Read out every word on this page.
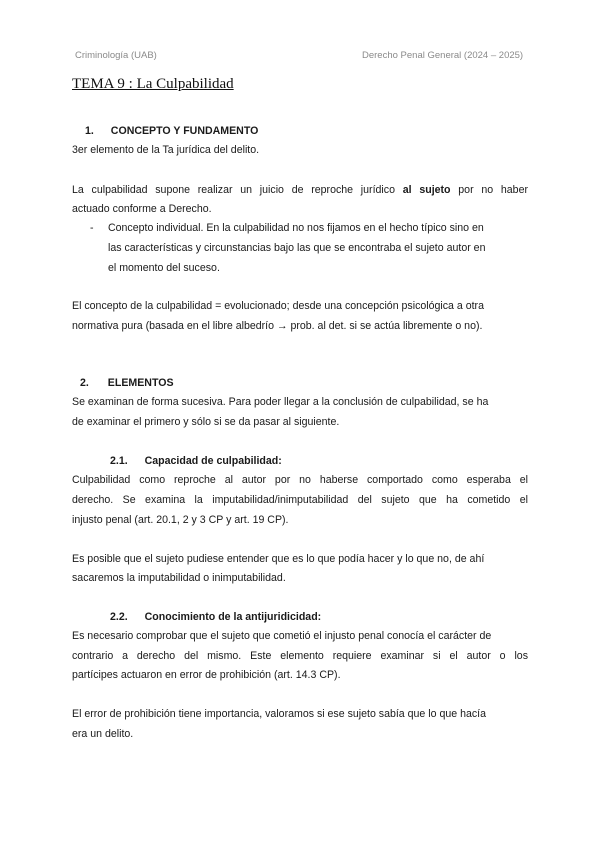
Criminología (UAB)	Derecho Penal General (2024 – 2025)
TEMA 9 : La Culpabilidad
1. CONCEPTO Y FUNDAMENTO
3er elemento de la Ta jurídica del delito.
La culpabilidad supone realizar un juicio de reproche jurídico al sujeto por no haber
actuado conforme a Derecho.
-	Concepto individual. En la culpabilidad no nos fijamos en el hecho típico sino en
las características y circunstancias bajo las que se encontraba el sujeto autor en
el momento del suceso.
El concepto de la culpabilidad = evolucionado; desde una concepción psicológica a otra
normativa pura (basada en el libre albedrío → prob. al det. si se actúa libremente o no).
2. ELEMENTOS
Se examinan de forma sucesiva. Para poder llegar a la conclusión de culpabilidad, se ha
de examinar el primero y sólo si se da pasar al siguiente.
2.1. Capacidad de culpabilidad:
Culpabilidad como reproche al autor por no haberse comportado como esperaba el
derecho. Se examina la imputabilidad/inimputabilidad del sujeto que ha cometido el
injusto penal (art. 20.1, 2 y 3 CP y art. 19 CP).
Es posible que el sujeto pudiese entender que es lo que podía hacer y lo que no, de ahí
sacaremos la imputabilidad o inimputabilidad.
2.2. Conocimiento de la antijuridicidad:
Es necesario comprobar que el sujeto que cometió el injusto penal conocía el carácter de
contrario a derecho del mismo. Este elemento requiere examinar si el autor o los
partícipes actuaron en error de prohibición (art. 14.3 CP).
El error de prohibición tiene importancia, valoramos si ese sujeto sabía que lo que hacía
era un delito.
